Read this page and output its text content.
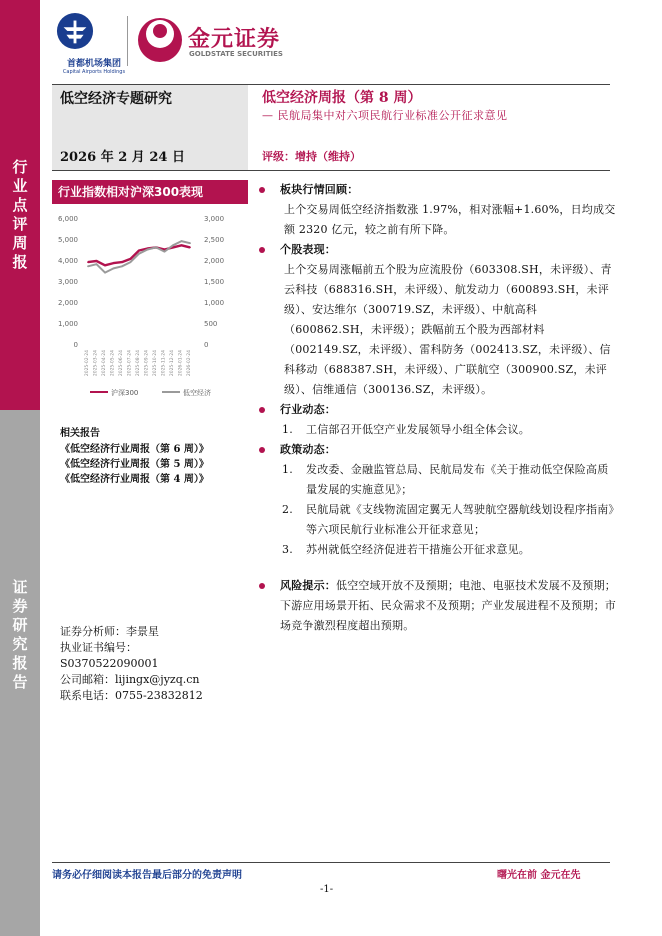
行业点评周报
证券研究报告
首都机场集团
Capital Airports Holdings
金元证券
GOLDSTATE SECURITIES
低空经济专题研究
2026 年 2 月 24 日
低空经济周报（第 8 周）
— 民航局集中对六项民航行业标准公开征求意见
评级：增持（维持）
行业指数相对沪深300表现
6,000
5,000
4,000
3,000
2,000
1,000
0
3,000
2,500
2,000
1,500
1,000
500
0
2025-02-24 2025-03-24 2025-04-24 2025-05-24 2025-06-24 2025-07-24 2025-08-24 2025-09-24 2025-10-24 2025-11-24 2025-12-24 2026-01-24 2026-02-24
沪深300	低空经济
相关报告
《低空经济行业周报（第 6 周）》
《低空经济行业周报（第 5 周）》
《低空经济行业周报（第 4 周）》
证券分析师：李景星
执业证书编号：
S0370522090001
公司邮箱：lijingx@jyzq.cn
联系电话：0755-23832812
板块行情回顾：
上个交易周低空经济指数涨 1.97%，相对涨幅+1.60%，日均成交额 2320 亿元，较之前有所下降。
个股表现：
上个交易周涨幅前五个股为应流股份（603308.SH，未评级）、青云科技（688316.SH，未评级）、航发动力（600893.SH，未评级）、安达维尔（300719.SZ，未评级）、中航高科（600862.SH，未评级）；跌幅前五个股为西部材料（002149.SZ，未评级）、雷科防务（002413.SZ，未评级）、信科移动（688387.SH，未评级）、广联航空（300900.SZ，未评级）、信维通信（300136.SZ，未评级）。
行业动态：
1. 工信部召开低空产业发展领导小组全体会议。
政策动态：
1. 发改委、金融监管总局、民航局发布《关于推动低空保险高质量发展的实施意见》；
2. 民航局就《支线物流固定翼无人驾驶航空器航线划设程序指南》等六项民航行业标准公开征求意见；
3. 苏州就低空经济促进若干措施公开征求意见。
风险提示：低空空域开放不及预期；电池、电驱技术发展不及预期；下游应用场景开拓、民众需求不及预期；产业发展进程不及预期；市场竞争激烈程度超出预期。
请务必仔细阅读本报告最后部分的免责声明	曙光在前 金元在先
-1-
